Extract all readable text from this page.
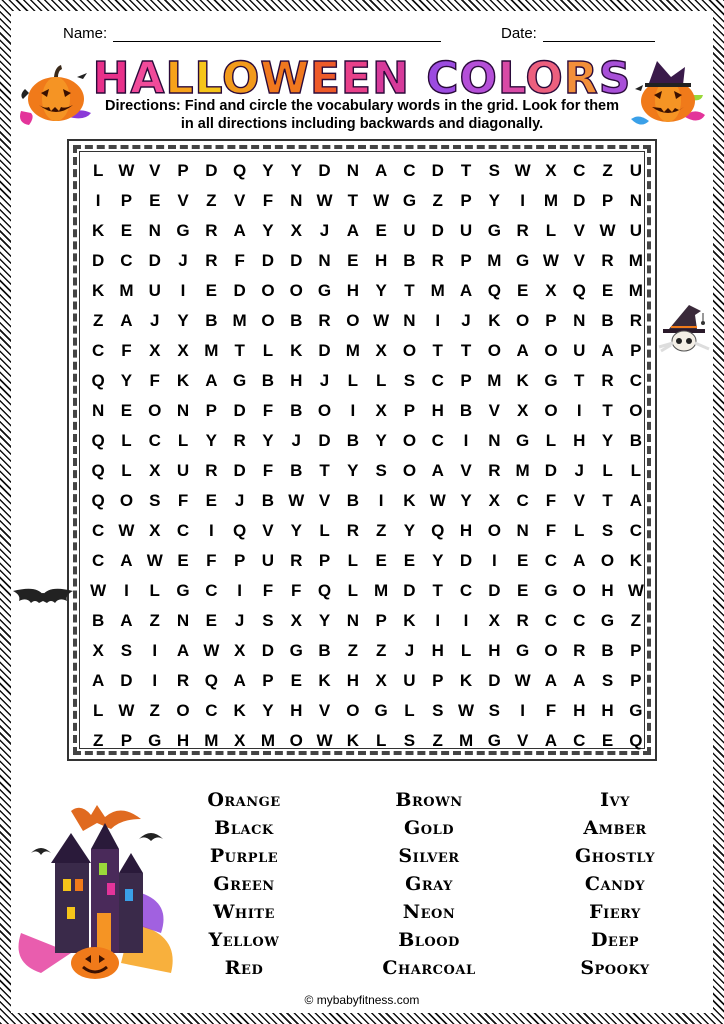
Name:	Date:
HALLOWEEN COLORS
Directions: Find and circle the vocabulary words in the grid. Look for them in all directions including backwards and diagonally.
L W V P D Q Y Y D N A C D T	S W X C Z U
I	P E V	Z	V	F N W T W G Z	P Y	I	M D P N
K E N G R A Y X	J	A E U D U G R L	V W U
D C D	J	R F D D N E H B R P M G W V R M
K M U	I	E D O O G H Y	T M A Q E X Q E M
Z A	J	Y B M O B R O W N	I	J	K O P N B R
C F	X X M T	L K D M X O T	T O A O U A P
Q Y	F K A G B H	J	L	L	S C P M K G T R C
N E O N P D F B O	I	X P H B V X O	I	T O
Q L C L	Y R Y	J	D B Y O C	I	N G L H Y B
Q L	X U R D F B T	Y S O A V R M D	J	L	L
Q O S	F	E	J	B W V B	I	K W Y X C F	V	T A
C W X C	I	Q V Y	L R Z	Y Q H O N F	L	S C
C A W E	F	P U R P	L	E E Y D	I	E C A O K
W	I	L G C	I	F	F Q L M D T C D E G O H W
B A Z N E	J	S X Y N P K	I	I	X R C C G Z
X S	I	A W X D G B Z	Z	J	H L H G O R B P
A D	I	R Q A P E K H X U P K D W A A S P
L W Z O C K Y H V O G L	S W S	I	F H H G
Z	P G H M X M O W K L	S	Z M G V A C E Q
Orange
Black
Purple
Green
White
Yellow
Red
Brown
Gold
Silver
Gray
Neon
Blood
Charcoal
Ivy
Amber
Ghostly
Candy
Fiery
Deep
Spooky
© mybabyfitness.com
